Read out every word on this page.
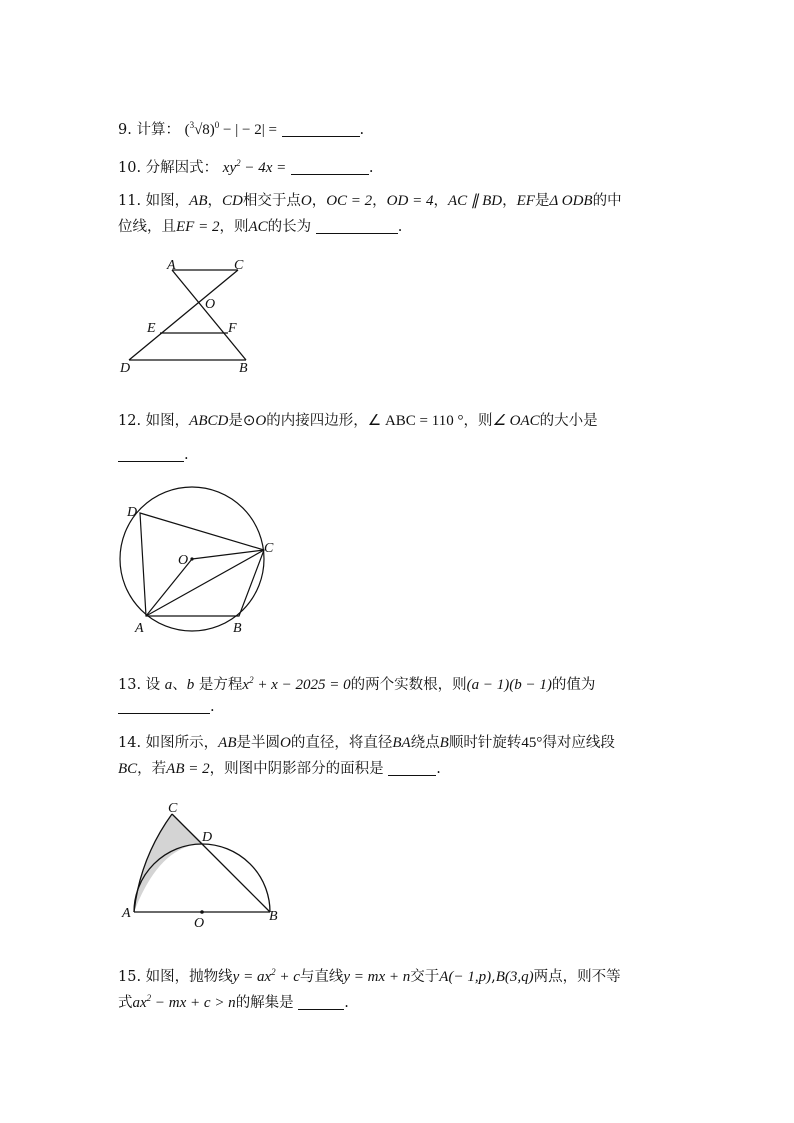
9. 计算： $(^3√8)^0$ − | − 2| =	.
10. 分解因式： $xy^2 - 4x$ =	.
11. 如图，AB，CD相交于点O，OC = 2，OD = 4，AC ∥ BD，EF是Δ ODB的中
位线，且EF = 2，则AC的长为	.
A	C
O
E	F
D	B
12. 如图，ABCD是⊙O的内接四边形，∠ ABC = 110 °，则∠ OAC的大小是
.
D
C
O
A	B
13. 设 a、b 是方程$x^2 + x - 2025 = 0$的两个实数根，则(a − 1)(b − 1)的值为
.
14. 如图所示，AB是半圆O的直径，将直径BA绕点B顺时针旋转45°得对应线段
BC，若AB = 2，则图中阴影部分的面积是	.
C
D
A	B
O
15. 如图，抛物线$y = ax^2 + c$与直线y = mx + n交于A(− 1,p),B(3,q)两点，则不等
式$ax^2$ − mx + c > n的解集是	.
